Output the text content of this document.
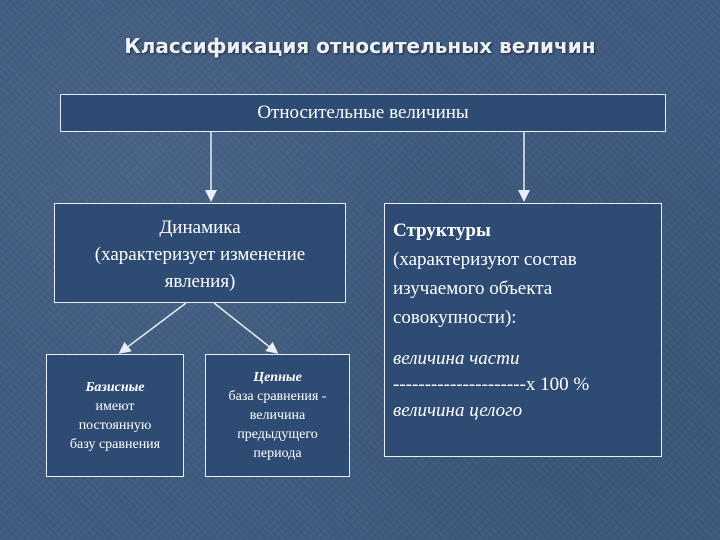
Классификация относительных величин
Относительные величины
Динамика
(характеризует изменение
явления)
Структуры
(характеризуют состав
изучаемого объекта
совокупности):
величина части
---------------------х 100 %
величина целого
Базисные
имеют
постоянную
базу сравнения
Цепные
база сравнения -
величина
предыдущего
периода
